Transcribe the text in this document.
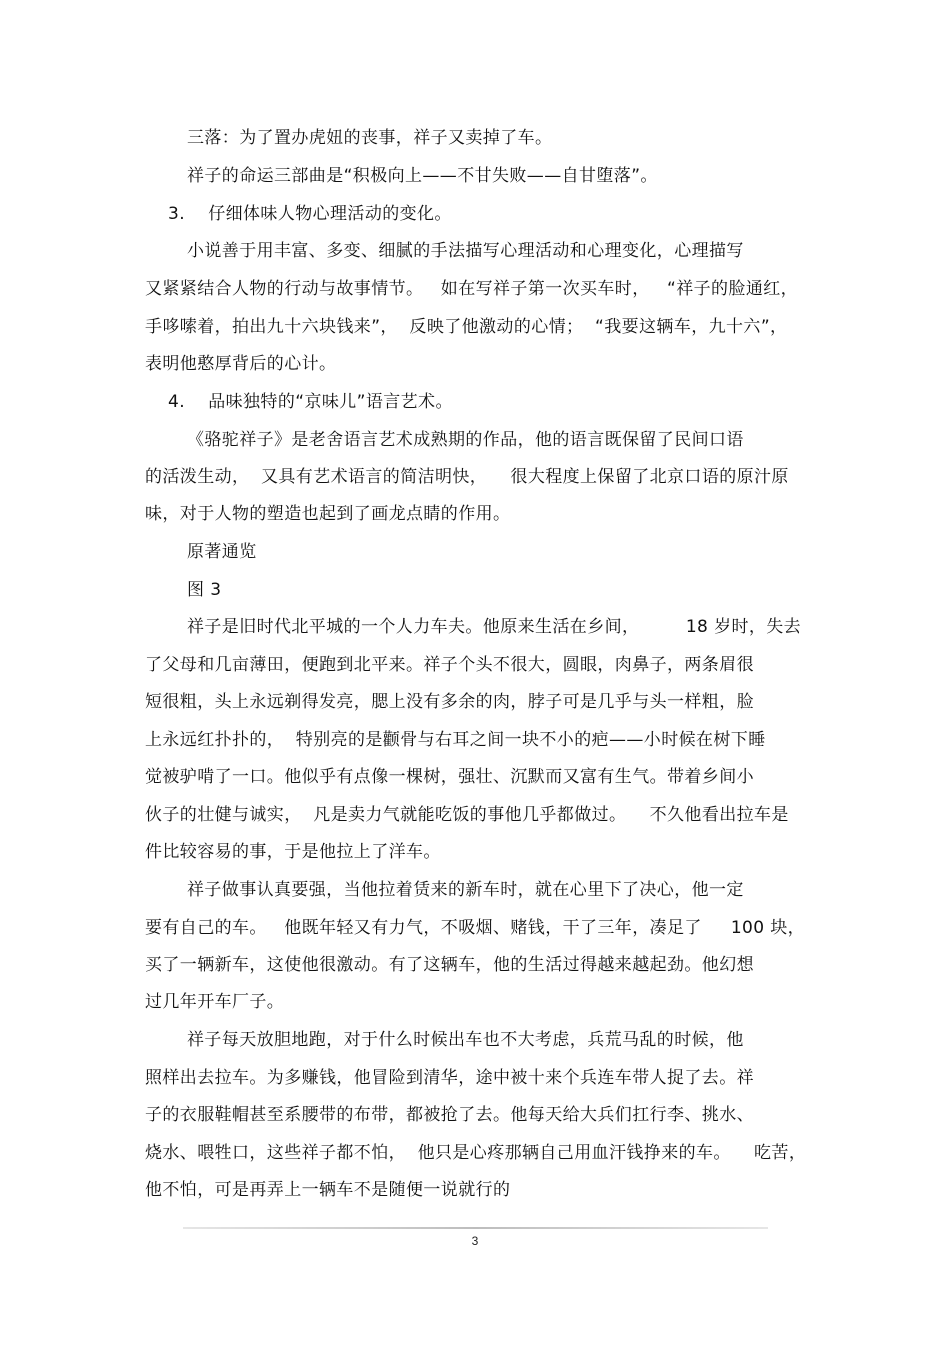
三落：为了置办虎妞的丧事，祥子又卖掉了车。
祥子的命运三部曲是“积极向上——不甘失败——自甘堕落”。
3.    仔细体味人物心理活动的变化。
小说善于用丰富、多变、细腻的手法描写心理活动和心理变化，心理描写
又紧紧结合人物的行动与故事情节。   如在写祥子第一次买车时，   “祥子的脸通红，
手哆嗦着，拍出九十六块钱来”，  反映了他激动的心情；  “我要这辆车，九十六”，
表明他憨厚背后的心计。
4.    品味独特的“京味儿”语言艺术。
《骆驼祥子》是老舍语言艺术成熟期的作品，他的语言既保留了民间口语
的活泼生动，  又具有艺术语言的简洁明快，    很大程度上保留了北京口语的原汁原
味，对于人物的塑造也起到了画龙点睛的作用。
原著通览
图 3
祥子是旧时代北平城的一个人力车夫。他原来生活在乡间，        18 岁时，失去
了父母和几亩薄田，便跑到北平来。祥子个头不很大，圆眼，肉鼻子，两条眉很
短很粗，头上永远剃得发亮，腮上没有多余的肉，脖子可是几乎与头一样粗，脸
上永远红扑扑的，  特别亮的是颧骨与右耳之间一块不小的疤——小时候在树下睡
觉被驴啃了一口。他似乎有点像一棵树，强壮、沉默而又富有生气。带着乡间小
伙子的壮健与诚实，  凡是卖力气就能吃饭的事他几乎都做过。    不久他看出拉车是
件比较容易的事，于是他拉上了洋车。
祥子做事认真要强，当他拉着赁来的新车时，就在心里下了决心，他一定
要有自己的车。   他既年轻又有力气，不吸烟、赌钱，干了三年，凑足了     100 块，
买了一辆新车，这使他很激动。有了这辆车，他的生活过得越来越起劲。他幻想
过几年开车厂子。
祥子每天放胆地跑，对于什么时候出车也不大考虑，兵荒马乱的时候，他
照样出去拉车。为多赚钱，他冒险到清华，途中被十来个兵连车带人捉了去。祥
子的衣服鞋帽甚至系腰带的布带，都被抢了去。他每天给大兵们扛行李、挑水、
烧水、喂牲口，这些祥子都不怕，  他只是心疼那辆自己用血汗钱挣来的车。    吃苦，
他不怕，可是再弄上一辆车不是随便一说就行的
3
